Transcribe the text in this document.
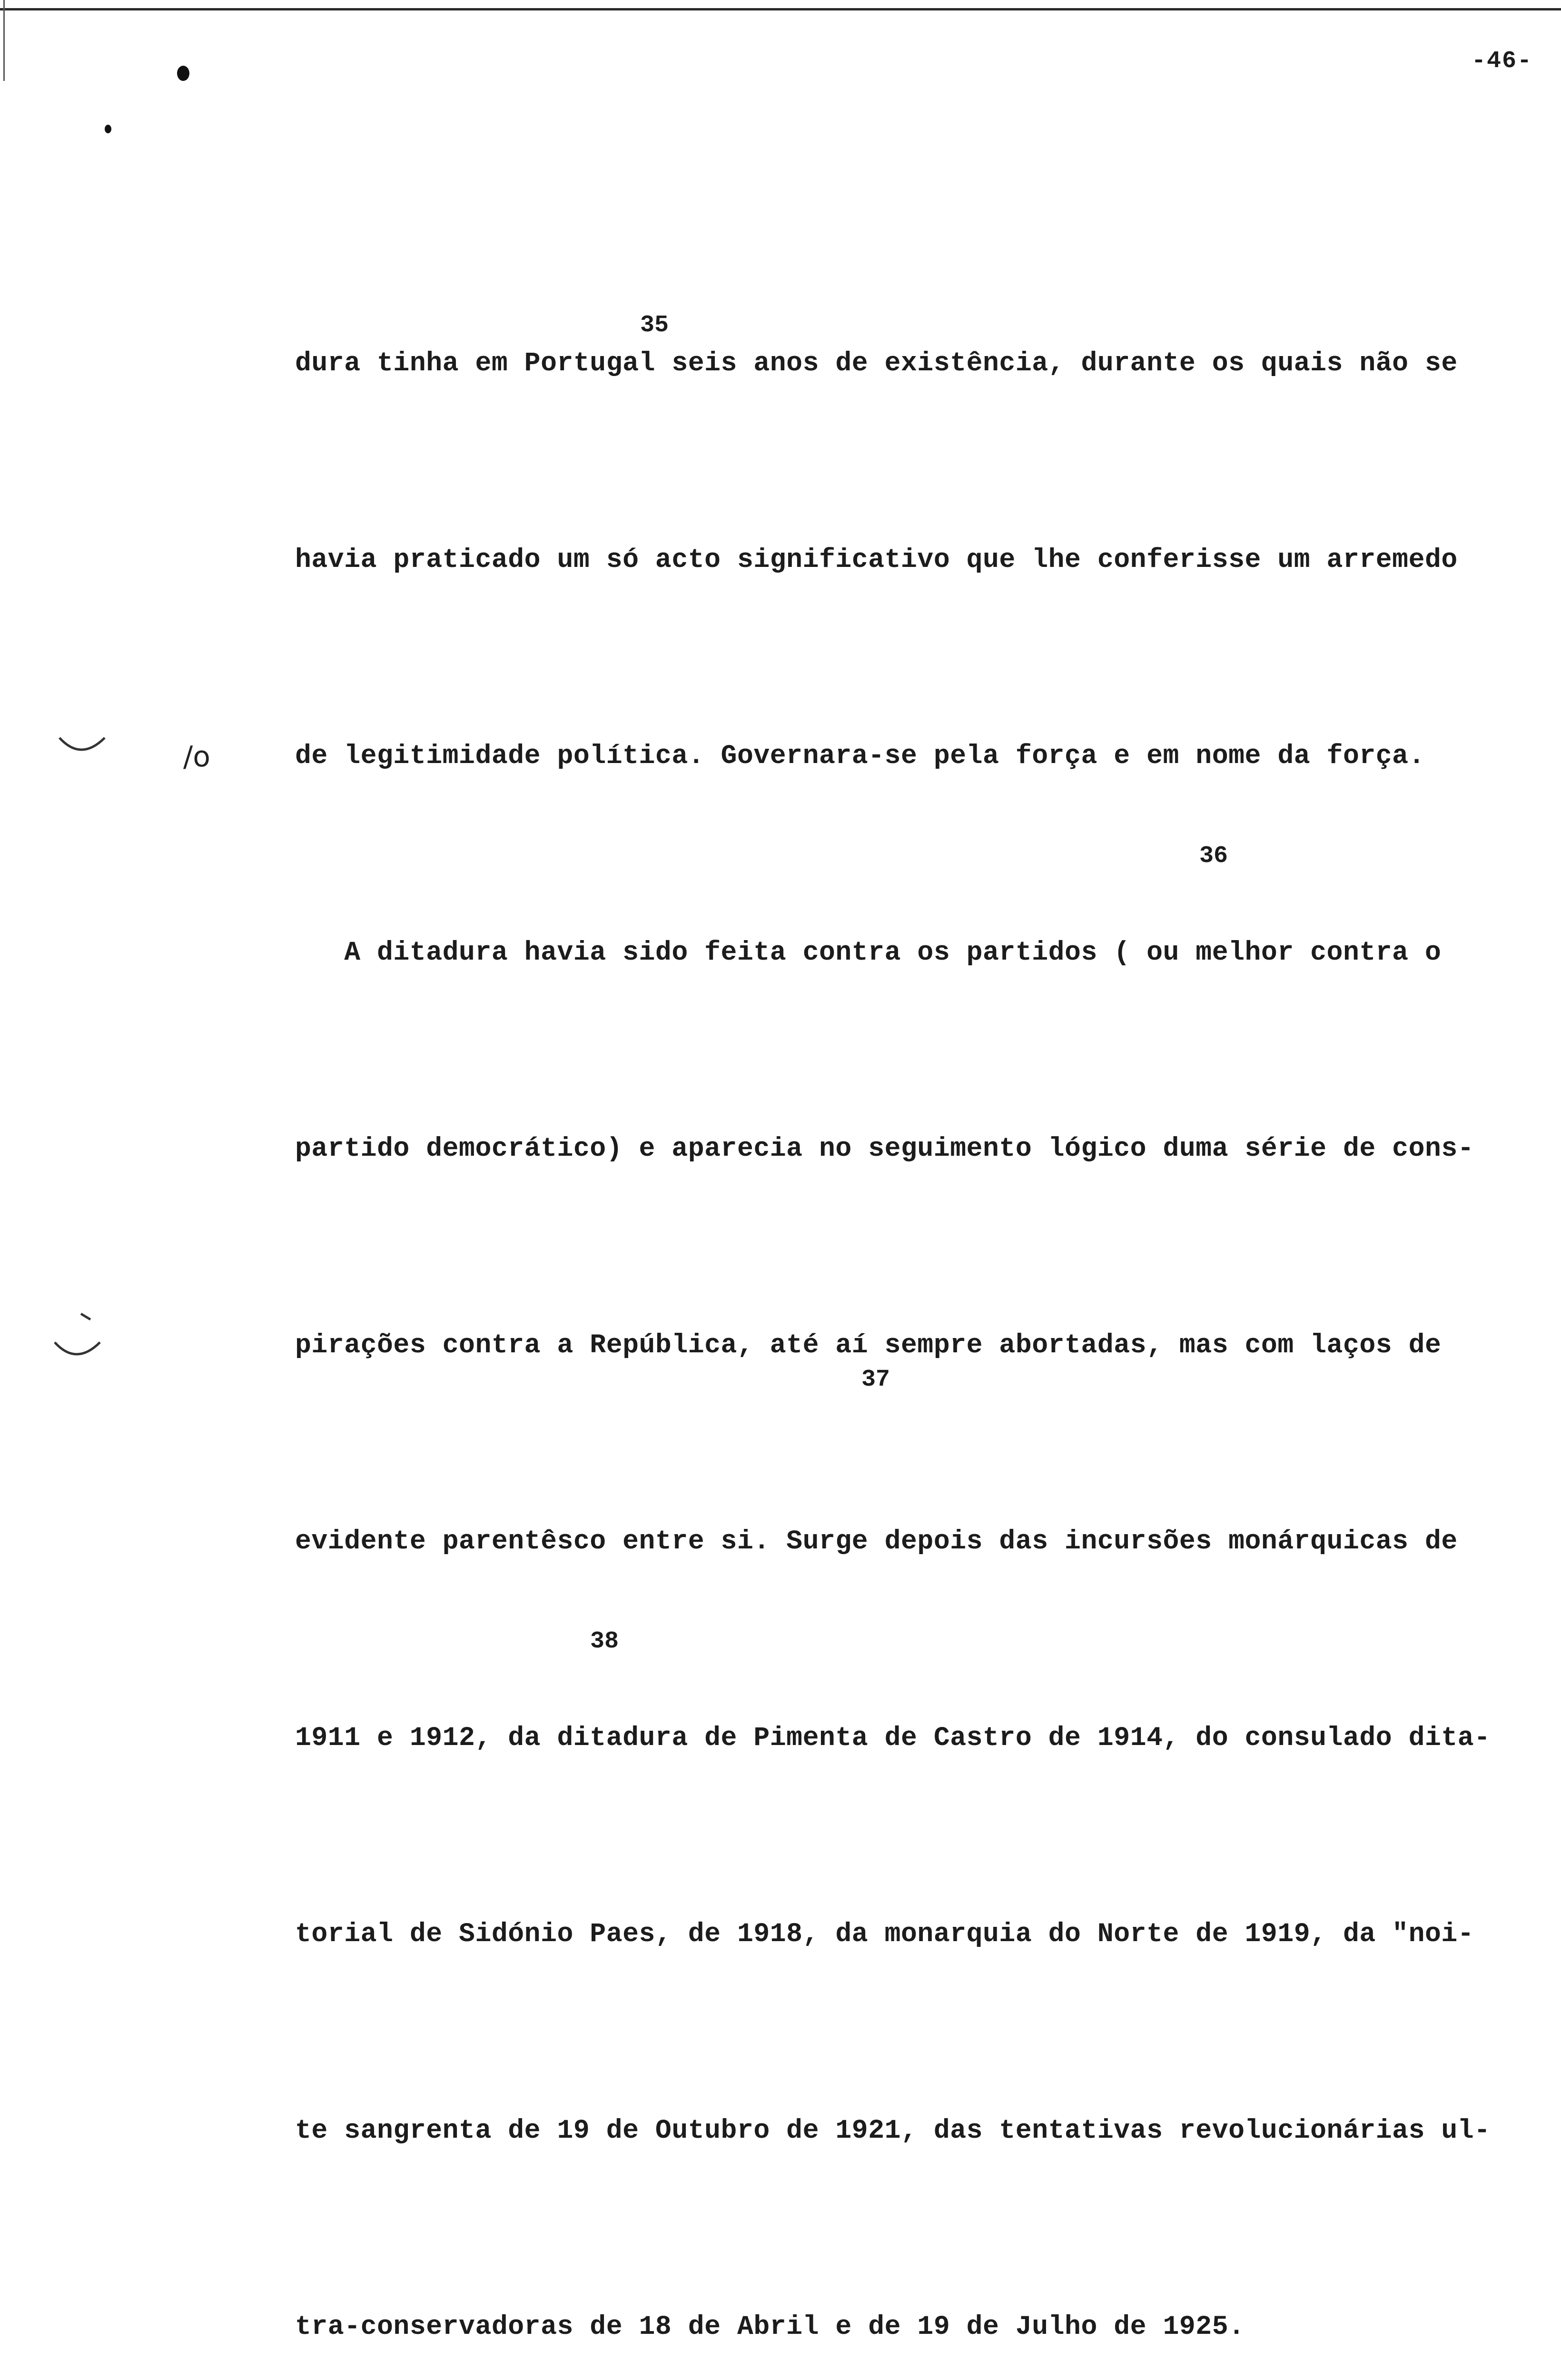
-46-

dura tinha em Portugal seis anos de existência, durante os quais não se

havia praticado um só acto significativo que lhe conferisse um arremedo

de legitimidade política. Governara-se pela força e em nome da força.

A ditadura havia sido feita contra os partidos ( ou melhor contra o

partido democrático) e aparecia no seguimento lógico duma série de cons-

pirações contra a República, até aí sempre abortadas, mas com laços de

evidente parentêsco entre si. Surge depois das incursões monárquicas de

1911 e 1912, da ditadura de Pimenta de Castro de 1914, do consulado dita-

torial de Sidónio Paes, de 1918, da monarquia do Norte de 1919, da "noi-

te sangrenta de 19 de Outubro de 1921, das tentativas revolucionárias ul-

tra-conservadoras de 18 de Abril e de 19 de Julho de 1925.

35
36
37
38
/o
